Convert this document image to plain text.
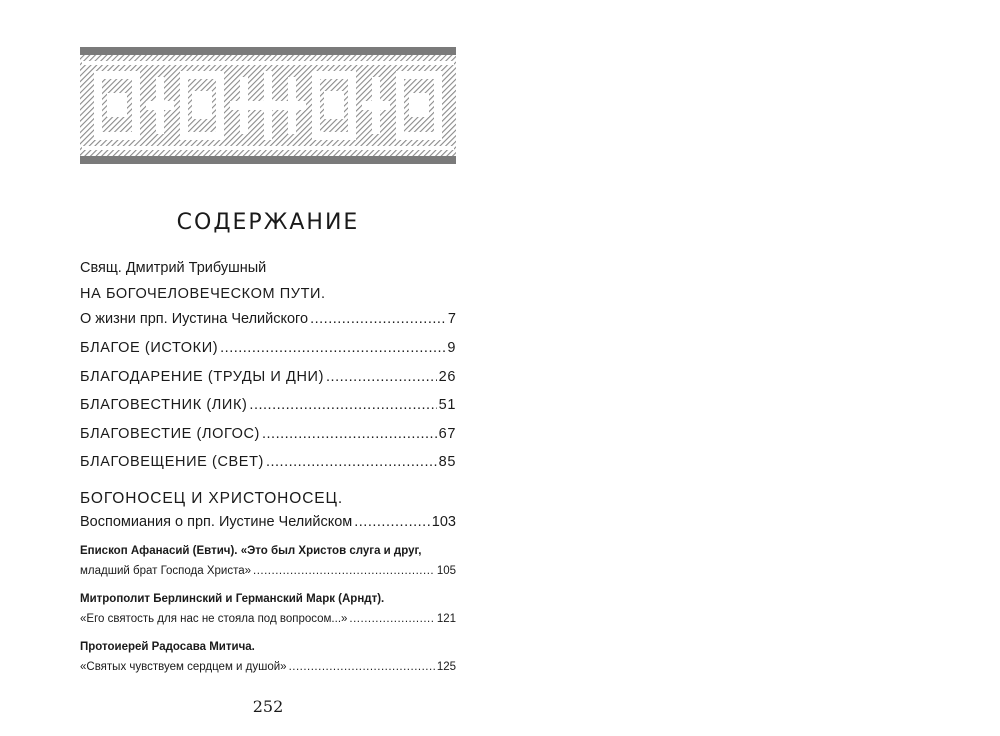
СОДЕРЖАНИЕ
Свящ. Дмитрий Трибушный
НА БОГОЧЕЛОВЕЧЕСКОМ ПУТИ.
О жизни прп. Иустина Челийского .....	7
БЛАГОЕ (ИСТОКИ) .....	9
БЛАГОДАРЕНИЕ (ТРУДЫ И ДНИ) .....	26
БЛАГОВЕСТНИК (ЛИК) .....	51
БЛАГОВЕСТИЕ (ЛОГОС) .....	67
БЛАГОВЕЩЕНИЕ (СВЕТ) .....	85
БОГОНОСЕЦ И ХРИСТОНОСЕЦ.
Воспомиания о прп. Иустине Челийском .....	103
Епископ Афанасий (Евтич). «Это был Христов слуга и друг,
младший брат Господа Христа» .....	105
Митрополит Берлинский и Германский Марк (Арндт).
«Его святость для нас не стояла под вопросом...» .....	121
Протоиерей Радосава Митича.
«Святых чувствуем сердцем и душой» .....	125
252
